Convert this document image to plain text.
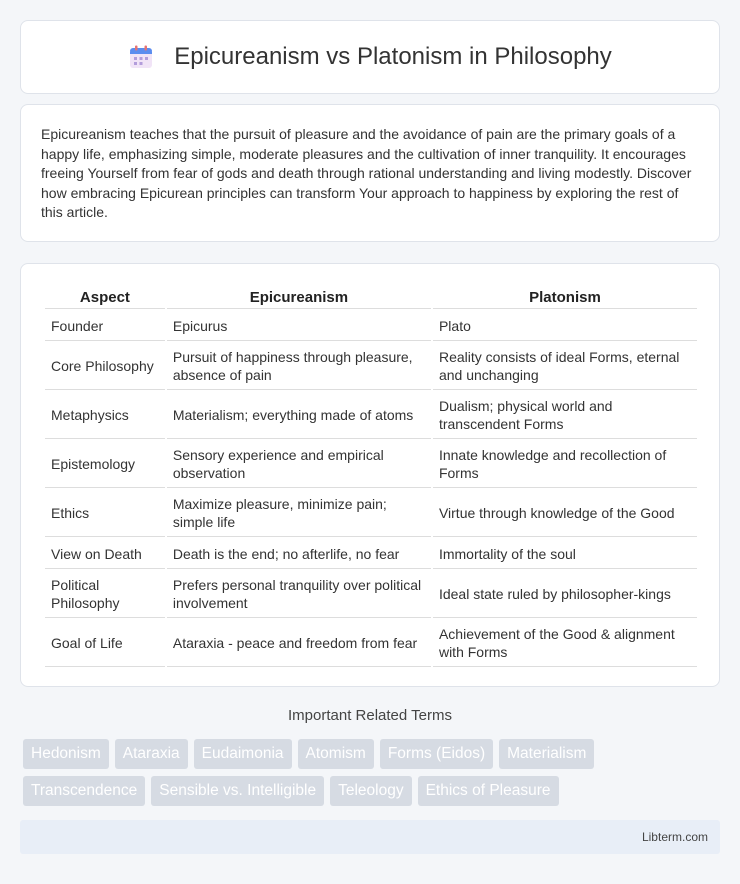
Epicureanism vs Platonism in Philosophy

Epicureanism teaches that the pursuit of pleasure and the avoidance of pain are the primary goals of a happy life, emphasizing simple, moderate pleasures and the cultivation of inner tranquility. It encourages freeing Yourself from fear of gods and death through rational understanding and living modestly. Discover how embracing Epicurean principles can transform Your approach to happiness by exploring the rest of this article.

Aspect	Epicureanism	Platonism
Founder	Epicurus	Plato
Core Philosophy	Pursuit of happiness through pleasure, absence of pain	Reality consists of ideal Forms, eternal and unchanging
Metaphysics	Materialism; everything made of atoms	Dualism; physical world and transcendent Forms
Epistemology	Sensory experience and empirical observation	Innate knowledge and recollection of Forms
Ethics	Maximize pleasure, minimize pain; simple life	Virtue through knowledge of the Good
View on Death	Death is the end; no afterlife, no fear	Immortality of the soul
Political Philosophy	Prefers personal tranquility over political involvement	Ideal state ruled by philosopher-kings
Goal of Life	Ataraxia - peace and freedom from fear	Achievement of the Good & alignment with Forms
Important Related Terms
Hedonism	Ataraxia	Eudaimonia	Atomism	Forms (Eidos)	Materialism
Transcendence	Sensible vs. Intelligible	Teleology	Ethics of Pleasure
Libterm.com
